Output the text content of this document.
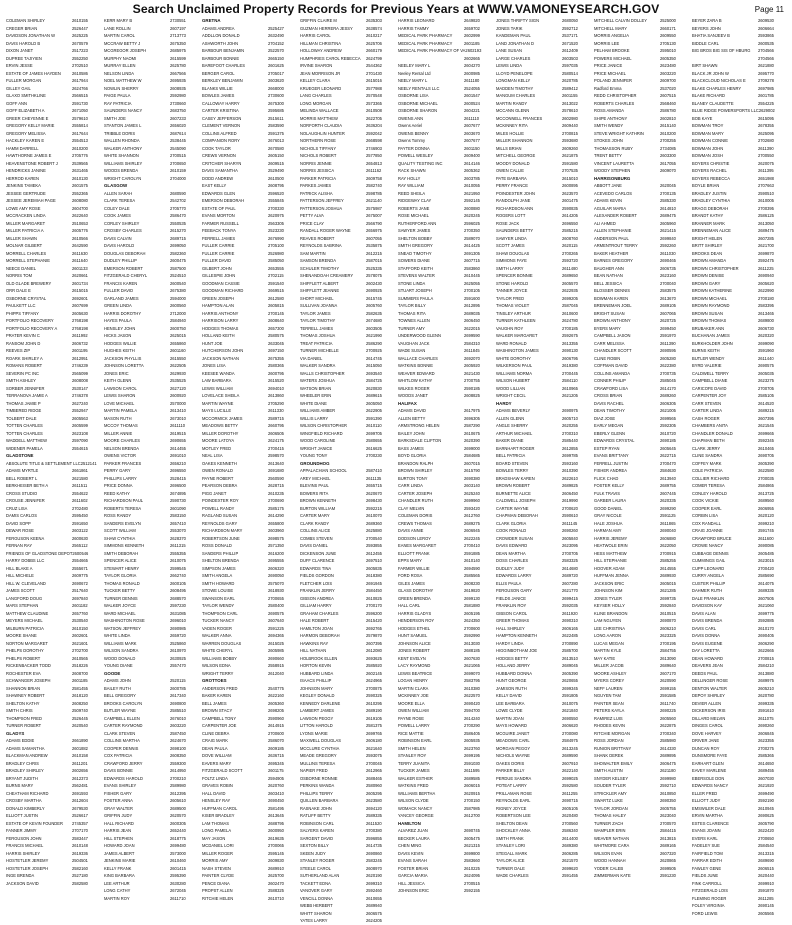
Search Unclaimed Property Records for Previous Years at WWW.VAMONEYSEARCH.GOV	Page 11
COLEMAN SHIRLEY	2610155
CREGER BRIAN	2526447
DAVIDSON JONATHAN W	2625225
DAVIS HAROLD B	2670579
DIXON JANET	2517223
DUPREE TAJIYIEN	2552250
ERVIN JESSE	2702510
ESTATE OF JAMES HAYDEN	2610586
FULLER MORGAN	2617944
GILLEY GAIL	2624766
GLAXO SMITHKLINE	2566515
GOFF ANN	2591730
GOFF ELIZABETH A	2671050
GREER CHEYENNE E	2579610
GREGORY KELLY MARIE	2555814
GREGORY MELISSA	2617644
HACKLEY KAREN E	2554513
HAMM DARRELL	2610200
HAWTHORNE JAMES E	2705776
HEAVENSTONE ROBERT J	2539565
HENDRICKS JANINE	2631465
HERROD KAREN	2610130
JENKINS TAMEKA	2601575
JESSEE GERTRUDE	2552365
JESSEE JEREMIAH PAGE	2608080
LOWE AMY ROSE	2604700
MCCRACKEN LINDA	2622640
MILLER MARGARET	2510653
MILLER PATRICIA A	2605776
MILLER SHAWN	2610566
MOLNAR GILBERT	2642590
MORRELL CHARLES	2611630
MORRELL STEPHANIE	2611640
NEECE DANIEL	2601133
NORRIS TOM	2620661
OLD GLADE BREWERY	2601734
ORR DALE E	2615015
OSBORNE CRYSTAL	2692601
PAULKETT LLC	2607699
PHIPPS TIFFANY	2605630
PORTFOLIO RECOVERY	2768198
PORTFOLIO RECOVERY A	2768198
PRATER KEVIN C	2611992
RANSOM JOHN D	2606732
REEVES ZIP	2601195
ROARK SHIRLEY A	2612951
ROMANS ROBERT	2746239
SEVERIN PC INC	2565099
SMITH ASHLEY	2608008
SORBER JENNIFER	2530147
TERRANOVA JAMIE A	2746378
THOMAS JAMIE P	2627240
TIMBERED RIDGE	2552947
TOLBERT DALE	2605563
TOTTEN CHARLES	2605599
TOTTEN CHARLES	2623108
WADDELL MATTHEW	2597090
WIDENER PAMELA	2554615
GLADSTONE
ABSOLUTE TITLE & SETTLEMENT LLC 2512141
ADAMS MYRTLE	2661861
BELL ROBERT L	2621580
BERKHEISER BETH A	2611511
CROSS STUDIO	2554622
CROUSE JENNIFER	2611602
CRUZ LISA	2702480
DAMIS CARLOS	2595450
DAVID SOPP	2591650
DEWAR ROSE	2603122
FERGUSON KEENA	2600630
FERNAN RAY	2565112
FRIENDS OF GLADSTONE DEPOT 2600546
HARRY DOBBS LLC	2554665
HILL BLAKE A	2555671
HILL MICHELE	2609775
HILL W. CLEVELAND	2690672
JAMES SCOTT	2517640
LANGFORD DOUG	2697840
MARS STEPHAN	2601182
MATTHEW CLAUDINE	2657760
MEYERS MICHAEL	2530540
MILBURN PATRICIA	2610150
MOORE SHANE	2602601
NORTON MARGARET	2621601
PHELPS DOROTHY	2702700
PHELPS ROBERT	2610565
RICKENBACKER TODD	2518226
ROCHESTER EVA	2608700
SCHWANGER JOSEPH	2601185
SHANNON BRIAN	2581455
SHAWNEY ROBERT	2618120
SHELTON KATHY	2608250
SMITH CHRIS	2509740
THOMPSON FRED	2526445
TURNER ROBERT	2620540
GLADYS
ADAMS EDDIE	2661890
ADAMS SAMANTHA	2601882
BLACKMAN ANDREW	2610158
BRADLEY CHRIS	2611201
BRADLEY SHIRLEY	2602656
BRYANT JUDITH	2612373
BURNS MARY	2562481
CHEATHAM RICHARD	2691593
CROSBY MARTHA	2612604
DONALD KIMBERLY	2679530
ELLIOTT JUSTIN	2526617
ESTATE OF KEVIN FOUNDER	2745357
FANNER JIMMY	2707170
FERGUSON JOHN	2583447
FRANCIS MICHAEL	2610148
HARRIS SHIRLEY	2619336
HOSTETLER JEREMY	2504501
HOSTETLER JOSEPH	2582160
INGE BRENDA	2527180
JACKSON DAVID	2582580
KERR MARY B	2730551
LANE ROLLIN	2607197
MARTIN CAROL	2713773
MCCRAW BETTY J	2675350
MCGREGOR JOSEPH	2685975
MURPHY NAOMI	2615599
MURRAY ELLEN	2625780
NELSON LINDA	2667566
NOEL MATTHEW W	2695935
NOWLIN SHERRY	2608935
PAIGE PAULA	2592980
RAY PATRICIA	2730660
SAUNDERS NANCY	2683750
SMITH JOE	2607233
STANTON JAMES L	2656020
TRIBBLE DORIS	2687614
WALLEN RHONDA	2538445
WALKER ANTHONY	2545090
WHITE SHANNON	2700515
WILLIAMS SHIRLEY	2700650
WOODS BRENDA	2610159
WRIGHT CAROLYN	2704000
GLASGOW
ALLEN SARAH	2680590
CLARK TERESA	2542702
COLEY DALE	2705770
COOK JAMES	2586470
CORLEY SHIRLEY	2550535
CROSBY CHARLES	2615270
DAVIS CALVIN	2689715
DAVIS HAROLD	2699050
DOUGLAS DEBORAH	2582360
DUDLEY PHILLIP	2600475
EMERSON ROBERT	2587500
FITZGERALD CHERYL	2524510
FRANCIS KAREN	2600540
FULLER DAVID	2675380
GARLAND JAMES	2594000
GREEN LINDA	2600560
HARRIS DOROTHY	2712000
HAYES PAULA	2584940
HENSLEY JOHN	2600750
HICKS JASON	2625015
HODGES WILLIE	2655860
HUGHES KEITH	2601160
JACKSON PHYLLIS	2615550
JOHNSON LORETTA	2622505
JONES ERIC	2629930
KEITH GLENN	2535525
LAWSON CAROL	2627120
LEWIS SHARON	2600920
LOVE MICHAEL	2570000
MARTIN PAMELA	2613410
MASON RUTH	2673010
MCCOY THOMAS	2611110
MILLER ANNIE	2619515
MOORE CHARLES	2690655
NELSON BRENDA	2614455
OWENS VICTOR	2691010
PARKER FRANCES	2656210
PERRY GARY	2696550
PHILLIPS LARRY	2528415
PRICE DONNA	2696500
REED KATHY	2674895
RICHARDSON PAUL	2590730
ROBERTS TERESA	2601090
ROSS RANDY	2583150
SANDERS EVELYN	2657410
SCOTT WILLIAM	2553070
SHAW CYNTHIA	2628370
SIMMONS KENNETH	2611315
SMITH DEBORAH	2555355
SPENCER ALICE	2610075
STEWART HENRY	2599545
TAYLOR GLORIA	2662740
THOMAS RONALD	2600105
TUCKER BETTY	2608495
TURNER DENNIS	2688570
WALKER JOYCE	2597230
WARD MICHAEL	2631085
WASHINGTON ROSE	2696010
WATSON JEFFREY	2690985
WHITE LINDA	2659720
WILLIAMS MARK	2525860
WILSON SANDRA	2610970
WOOD DONALD	2630925
YOUNG DIANE	2557470
GOODE
ADAMS JOHN	2520115
BAILEY RUTH	2600785
BELL GREGORY	2617340
BROOKS CAROLYN	2690800
BUTLER WAYNE	2585510
CAMPBELL ELLEN	2676010
CARTER RAYMOND	2603220
CLARK STEVEN	2587450
COLLINS MARTHA	2624670
COOPER DENNIS	2698100
COX PATRICIA	2608350
CRAWFORD JERRY	2559300
DAVIS BONNIE	2614950
EDWARDS HAROLD	2700210
EVANS SHIRLEY	2589980
FISHER GARY	2612395
FOSTER ANNA	2605610
GRAY WALTER	2689500
GRIFFIN JUDY	2620570
HALL RICHARD	2600305
HARRIS JEAN	2652440
HILL STEPHEN	2618775
HOWARD JOAN	2699480
JAMES ALBERT	2573000
JENKINS MARIE	2610460
KELLY FRANK	2601415
KING BARBARA	2595390
LEE ARTHUR	2630280
LONG CATHY	2672045
MARTIN ROY	2611710
GRETNA
ADAMS ANDREA	2525427
ADDLLON DONALD	2632490
ASHWORTH JOHN	2704152
BARBOUR BENJAMIN	2522570
BARBOUR BONNIE	2665150
BAREFOOT CHARLES	2601625
BERGER CAROL	2705017
BERKLEY BENJAMIN	2603620
BLANKS WILLIE	2668000
BOWLES JAMES	2730600
CALLOWAY HARRY	2675300
CARTER KRISTINA	2595685
CASEY JEFFERSON	2515611
CLEMENT VERNON	2583590
COLLINS ALFRED	2591375
COMPANION RORY	2676013
COOK TAYLOR	2670580
CREWS VERNON	2605150
CRITCHER SHARYN	2609515
DAVIS SAMANTHA	2529490
DODD ANDREW	2610500
EAST KELLY	2608795
EDWARDS GLEN	2596520
EMERSON DEBORAH	2555845
ESTATE OF PAUL	2700330
EVANS MORTON	2620975
FARMER RUSSELL	2563305
FEEBACK TONYA	2523230
FERRELL JAMES	2676990
FULLER CARRIE	2705100
FULLER CARRIE	2526980
FULLER DAVID	2585050
GILBERT JOHN	2653555
GILLESPIE JOHN	2702115
GOODMAN CASSIE	2591540
GOODMAN RICHARD	2669515
GREEN JOSEPH	2612580
HAMPTON ALAN	2605815
HARRIS ANTHONY	2700145
HARRISON LARRY	2608640
HODGES THOMAS	2657300
HOLLAND KEITH	2580575
HUNT JOE	2633045
HUTCHERSON JOHN	2697150
JACKSON NATHAN	2675355
JONES LISA	2580365
KEESEE WANDA	2600795
LAW BARBARA	2615520
LEWIS WILLIAM	2694010
LOVELACE SHEILA	2613860
MARTIN WAYNE	2705290
MAYS LUCILLE	2611330
MCCORMICK JAMES	2589715
MEADOWS BETTY	2660795
MILLER DOROTHY	2606505
MOORE LATOYA	2624175
MOTLEY FRED	2700415
NEAL LISA	2598570
OAKES KENNETH	2613640
OWEN RONALD	2691680
PAYNE ROBERT	2560590
PEARSON DEBRA	2628715
PIGG JANET	2610235
POINDEXTER ROY	2700690
POWELL RANDY	2585175
RAGLAND SUSAN	2614290
REYNOLDS GARY	2655800
RICHARDSON MARY	2603960
ROBERTSON JUNE	2698575
ROSS DONALD	2571350
SANDERS PHILLIP	2616200
SHELTON BRENDA	2695555
SIMPSON JAMES	2606320
SMITH ANGELA	2690050
SMITH HOWARD	2575070
STOWE LOUISE	2618930
SWANSON EARL	2700655
TAYLOR WENDY	2580400
THOMPSON CARL	2690575
TUCKER NANCY	2607640
VADEN ROGER	2591225
WALKER ANNA	2694365
WARREN DOUGLAS	2615025
WHITE CHERYL	2605985
WILLIAMS BOBBY	2690660
WILSON EDNA	2558915
WRIGHT TERRY	2612040
GROTTOES
ANDERSON FRED	2540775
BAKER KAREN	2622160
BELL JAMES	2605360
BROWN STACY	2698205
CAMPBELL TONY	2590960
CARPENTER JOE	2614915
CLINE DEBRA	2700600
CRAIG MARK	2586070
DEAN PAULA	2609185
DOVE WILLIAM	2636715
EAVERS MARY	2695345
FITZGERALD SCOTT	2601175
FOLTZ LINDA	2594905
GRAVES ROBIN	2620760
HALL DAVID	2603410
HENSLEY RAY	2690450
HUFFMAN CAROL	2581495
KISER BRADLEY	2613645
LAM THOMAS	2688795
LONG PAMELA	2600950
MAY JASON	2619635
MCDANIEL LORI	2700065
MILLER ROGER	2595145
MORRIS AMY	2609830
NASH STEVEN	2689910
PAINTER CLYDE	2625700
PENCE DIANA	2602470
PROPST ALLEN	2588325
RITCHIE HELEN	2610710
GRIFFIN CLAIRE M	2635303
GUZMAN HERRERA JESSY	2638574
HARRIS CAROL	2610217
HILLMAN CHRISTINA	2625706
HOLLOWAY ANDREW	2660179
HUMPHRIES CAROL REBECCA	2624799
IRVINE SHARON	2544362
JEAN MORRISON JR	2701430
KELLEY CLARA	2615016
KRUEGER LEONARD	2577988
LANG CHARLES	2570548
LONG MORGAN	2573365
MELINDA WALLACE	2610508
MORRIS MATTHEW	2622705
NORFORTH CLAUDIA	2636204
NOLAUGHLIN HUNTER	2592042
NORTHERN ROSE	2668598
NICHOLS TIFFANY	2746903
NICHOLS ROBERT	2577850
NORRIS JENNIE	2654813
NORRIS JESSICA	2611162
PARKER PATRICIA	2609758
PARKES JAMES	2582740
PATRICK ALISHA	2598785
PATTERSON JEFFREY	2621140
PATTERSON JOSHUA	2575987
PETTY ALVA	2675007
PRICE CLAY	2566790
RANDALL ROGER WAYNE	2656975
REAVES ROBERT	2607055
REYNOLDS SABRINA	2535875
SAM MARTIN	2612215
SAMSON BRENDA	2587015
SCHULER TIMOTHY	2525335
SHENANDOAH CREAMERY	2578075
SHIFFLETT ALBERT	2602430
SHIFFLETT JEANNE	2690925
SHORT MICHAEL	2615745
SULLIVAN JOANNA	2605760
TAYLOR JAMES	2582635
TAYLOR TIMOTHY	2674680
TERRELL JAMES	2603505
THOMAS JOSHUA	2621990
TREAT PATRICIA	2586290
TURNER MICHELLE	2700925
VIA DANIEL	2614745
WALKER SANDRA	2615050
WALLS CHRISTOPHER	2693540
WATERS JOSHUA	2584725
WATSON BRIAN	2620830
WHEELER ERIN	2689615
WHITE DIANE	2605050
WILLIAMS AMBER	2622905
WILLIS LARRY	2591390
WILSON CHRISTOPHER	2610110
WINGFIELD RICHARD	2699705
WOOD CAROLINE	2580655
WRIGHT JANICE	2616625
YOUNG TONY	2700230
GROUNDHOG
APPALACHIAN SCHOOL	2587410
AREY MICHAEL	2611135
BLEVINS PAUL	2655715
BOWERS RITA	2620670
BROWN KENNETH	2698430
BURTON WILLIAM	2592215
CARTER MARY	2610070
CLARK RANDY	2689360
COLLINS ALICE	2625880
COMBS STEVEN	2700540
DAVIS DANIEL	2593855
DICKENSON JUNE	2612455
DUFF CLARENCE	2697510
EDWARDS TINA	2605835
FIELDS GORDON	2618380
FLETCHER LOIS	2691945
FRANKLIN JERRY	2584450
GIBSON ANDREA	2610825
GILLIAM HARRY	2700170
GRAHAM CHARLES	2596200
HALE ROBERT	2615420
HAMILTON JOAN	2692765
HARMON DEBORAH	2579870
HAWKINS RAY	2607395
HILL NATHAN	2612080
HOLBROOK ELLEN	2693625
HORTON KEVIN	2585920
HUBBARD LINDA	2602145
ISAACS PHILLIP	2624965
JOHNSON MARY	2700875
KEGLEY DONALD	2590325
KENNEDY DARLENE	2610295
LAMBERT JAMES	2689190
LAWSON PEGGY	2619105
LITTON HAROLD	2581375
LYONS MARIE	2699765
MAXWELL DOUGLAS	2606180
MCCLURE CYNTHIA	2621640
MEADE GREGORY	2593075
MULLINS TERESA	2700045
NAPIER FRED	2612965
OSBORNE RONNIE	2688465
PERKINS WANDA	2580960
PHILLIPS TERRY	2605295
QUILLEN BARBARA	2623580
RASNAKE JOHN	2694120
RATLIFF BETTY	2589335
ROBINSON CARL	2611520
SALYERS KAREN	2700380
SARGENT DAVID	2596855
SEXTON BILLY	2614735
SKEEN JUDY	2690860
STANLEY ROGER	2583245
STEELE CAROL	2608970
SUTHERLAND ALAN	2620190
TACKETT EDNA	2699310
VANOVER GARY	2592460
VENCILL DONNA	2610655
WEBB HERBERT	2689940
WHITT SHARON	2606575
YATES LARRY	2624205
HARRIS LEONARD	2649820
HARRIS TAMMY	2659702
MEDICAL PARK PHARMACY	2602999
MEDICAL PARK PHARMACY	2601185
MEDICAL PARK PHARMACY OF VA 2602193
2602665
NEELEY MARY L	2604270
Neeley Rental Ltd	2600985
NEELY MARY L	2611180
NEELY RENTALS LLC	2524055
OSBORNE LISA	2601547
OSBORNE MICHAEL	2600524
OSBORNE SHARON	2604221
OWENS ANN	2611110
Owens Aeriel	2607677
OWENS BENNY	2603670
Owens Tommy	2607677
PAYTER DONNA	2601150
POWELL WESLEY	2609400
QUALITY TESTING INC	2614146
RACK SHAWN	2605362
RAY HOLLY	2603785
RAY WILLIAM	2610055
REED SHEILA	2621950
RIDGEWAY CLAY	2592145
ROBERTS JANE	2600880
ROSE MICHAEL	2620245
RUTHERFORD ANN	2596025
SAWYER JAMES	2700350
SHELTON BOBBY	2589070
SMITH GREGORY	2614425
SNEAD TIMOTHY	2691305
SOWERS DIANE	2607715
STAFFORD KEITH	2583860
STEVENS WALTER	2610445
STONE LINDA	2625055
STUART JOSEPH	2700105
SUMMERS PAULA	2591600
TAYLOR BILLY	2612895
THOMAS RITA	2689035
TOWNES ALLEN	2606450
TURNER AMY	2622015
UNDERWOOD GLENN	2699590
VAUGHAN JACK	2584310
WADE SUSAN	2611845
WALLACE CHARLES	2692070
WATKINS BONNIE	2605920
WEAVER EDWARD	2621430
WHITLOW KATHY	2700755
WILKES ROGER	2590185
WOODS JANET	2608825
HALIFAX
ADAMS DAVID	2617975
ALLEN BETTY	2696305
ARMSTRONG HELEN	2587290
BAILEY JOHN	2610675
BARKSDALE CLIFTON	2620390
BASS JAMES	2699000
BOYD GLORIA	2584685
BRANDON RALPH	2607015
BROWN SHIRLEY	2615790
BURTON TONY	2690380
CARR LINDA	2603140
CARTER JOSEPH	2625240
CHANDLER RUTH	2699960
CLAY MELVIN	2593420
COLEMAN DORIS	2612760
CREWS THOMAS	2689275
DAVIS ANNIE	2606945
DODSON LEROY	2622245
EANES MARGARET	2700410
ELLIOTT FRANK	2591885
EPPS MARY	2610140
FARMER WILLIE	2694590
FORD ROSA	2585565
GILES JAMES	2608230
GLASS DOROTHY	2619820
GREEN BRENDA	2699130
HALL CARL	2581880
HARRIS GLADYS	2605195
HENDERSON ROY	2624350
HODGES ETHEL	2700600
HUNT SAMUEL	2592990
JOHNSON ALICE	2613030
JONES ROBERT	2688185
KENT EVELYN	2607630
LACY RAYMOND	2621065
LEWIS BEATRICE	2699070
LOGAN HENRY	2583795
MARTIN CLARA	2610380
MCKINNEY JOE	2622570
MOORE ELLA	2690420
OWEN WILLIAM	2594700
PAYNE ROSE	2614240
POWELL LARRY	2700290
RICE MATTIE	2586405
ROBINSON EARL	2605935
SMITH HELEN	2623760
STANLEY ROY	2699195
TERRY JUANITA	2591030
TUCKER JAMES	2611595
WALKER ESTHER	2689585
WATKINS FRED	2606015
WILLIAMS BERTHA	2620915
WILSON CLYDE	2700150
WOMACK NANCY	2587985
YANCEY GEORGE	2612700
HAMILTON
ALVAREZ JUAN	2690745
BECKER LAURA	2605475
CHEN MING	2621315
DAVIS KEVIN	2699800
EVANS SARAH	2583660
FOSTER BRIAN	2610225
GARCIA MARIA	2624095
HILL JESSICA	2700515
JOHNSON ERIC	2592155
JONES THRIFTY SIGN	2680050
JONES TARIK	2592712
KANDEMAN PAUL	2537171
LAND JONATHAN D	2671520
LANE SUSAN	2612409
LARGE CHARLES	2603503
LEWIS LINDA	2597035
LLOYD PENELOPE	2580514
LONGMAN KELLY	2620785
MADDEN TIMOTHY	2589412
MANGUM CHARLES	2601155
MARTIN RANDY	2613022
MCCANN GLENN	2578610
MCCONNELL FRANCES	2602980
MCKINNEY RITA	2609440
MILES HOLLIE	2700815
MILLER SHANNON	2593680
MILLS BRIAN	2609260
MITCHELL GEORGE	2621875
MOODY DONALD	2591580
OWEN CALLIE	2707535
PATE BARBARA	2615010
PERRY FRANCE	2600895
POINDEXTER JOHN	2623570
RANDOLPH JANE	2601475
RICHARDSON ANN	2590835
ROGERS LOTT	2614205
ROSE JACK	2696550
SAUNDERS BETTY	2585215
SAWYER LINDA	2608760
SCOTT JAMES	2620115
SHAW DOUGLAS	2700265
SIMMONS FAYE	2593720
SMITH LARRY	2611480
SPENCER BONNIE	2689650
STONE HAROLD	2605570
TANNER JOYCE	2622935
TAYLOR FRED	2699205
THOMAS VIOLET	2587045
TINSLEY ARTHUR	2610600
TURNER KATHLEEN	2624780
VAUGHN ROY	2700185
WALKER MARGARET	2592675
WARD RONALD	2613355
WASHINGTON JAMES	2690130
WHITE DOROTHY	2606795
WILKERSON PAUL	2619380
WILLIAMS NORMA	2700445
WILSON HUBERT	2584110
WOOD LILLIAN	2610965
WRIGHT CECIL	2621205
HARDY
ADAMS BEVERLY	2690975
ALLEN GLENN	2605710
ANGLE SHERRY	2620255
ARTHUR MICHAEL	2700310
BAKER DIANE	2585440
BARNHART ROGER	2612855
BELL PATRICIA	2699785
BOARD STEVEN	2593160
BOWLES TERRY	2610390
BRADSHAW KAREN	2622610
BROWN ROBERT	2689825
BURNETTE ALICE	2606450
CALDWELL JOSEPH	2619990
CARTER WAYNE	2700620
CHAPMAN DEBORAH	2590610
CLARK GLORIA	2611145
COOK RONALD	2690260
CROWDER SUSAN	2605840
DAVIS EDWARD	2623095
DEAN MARTHA	2700705
DOSS CHARLES	2583325
DUDLEY JUDY	2614680
EDWARDS LARRY	2689720
ELLIS PAULA	2607280
FERGUSON GARY	2621770
FIELDS JANICE	2699415
FRANKLIN ROY	2592035
GIBSON CAROL	2611920
GREER THOMAS	2690310
HALL SHIRLEY	2606165
HAMPTON KENNETH	2622485
HARDY LINDA	2700890
HIGGINBOTHAM JOE	2585700
HODGES BETTY	2613510
HOLLAND JERRY	2689045
HUBBARD DONNA	2605390
HUNT GEORGE	2620655
JAMISON RUTH	2699345
KELLY DAVID	2591805
LEE BARBARA	2610075
LOWE CLYDE	2621840
MARTIN JOAN	2690550
MAYS HOWARD	2606620
MCGUIRE JANET	2700080
MEADOWS CARL	2584975
MORGAN PEGGY	2613245
NICHOLS WAYNE	2689590
OAKES DORIS	2607910
PARKER BILLY	2622140
PERDUE SANDRA	2699025
POTEAT LARRY	2592580
PRILLAMAN ROSE	2611255
REYNOLDS EARL	2690715
RIGNEY JOYCE	2605105
ROBERTSON LEE	2620480
SHELTON DEAN	2700560
SHOCKLEY ANNA	2586340
SMITH FRANK	2614400
STANLEY LORI	2689380
STEGALL MARK	2606285
TAYLOR ALICE	2621570
TURNER DALE	2699620
WADE CHARLES	2591455
MITCHELL CALVIN DOLLEY	2525000
MITCHELL MARY	2660171
MORRIS ANGELIA	2609550
MORRIS LEE	2705130
PELHAM BROOKE	2595010
POWERS MICHAEL	2605350
PRICE JANICE	2623480
PRICE MICHAEL	2603220
POLAND JENNIFER	2609700
Radford Emma	2537020
REDD CHRISTOPHER	2607515
ROBERTS CHARLES	2568460
ROSS AMANDA	2586780
SHIPE ANTHONY	2602810
SMITH WENDY	2615140
STEVE WRIGHT KATHRIN	2610200
STOKES JOHN	2700255
THOMASSON RUBY	2734085
TRENT BETTY	2603300
VINCENT LAURETTA	2617055
WOODY STEPHEN	2609070
HARRISONBURG
ABBOTT JANE	2620045
ACEVEDO CARLOS	2700135
ADAMS KEVIN	2585330
AGUILAR MARIA	2614810
ALEXANDER ROBERT	2689475
ALI AHMED	2605960
ALLEN STEPHANIE	2621415
ANDERSON PAUL	2699840
ARMENTROUT TERRY	2592260
BAKER HEATHER	2611030
BARNES GREGORY	2690465
BAUGHER ANN	2606735
BEAN NATHAN	2623160
BELL JESSICA	2700040
BLOSSER DENNIS	2583575
BOWMAN KAREN	2613670
BRENNEMAN JOEL	2689105
BRIGHT SUSAN	2607065
BROWN ANTHONY	2620725
BYERS MARY	2699450
CAMPBELL JASON	2591970
CARR MELISSA	2611390
CHANDLER SCOTT	2690595
CLINE ROBIN	2605280
COFFMAN DAVID	2622380
COLLINS AMANDA	2700735
CONNER PHILIP	2585045
CRAWFORD LISA	2614170
CROSS BRIAN	2689260
DAVIS RACHEL	2606305
DEAN TIMOTHY	2621005
DIAZ JOSE	2699565
EARLY MEGAN	2592305
EBERLY GLENN	2610720
EDWARDS CRYSTAL	2690185
ESTEP RYAN	2605645
EVANS BRITTANY	2622715
FERRELL JUSTIN	2700470
FISHER ANDREA	2584630
FLICK CHAD	2613940
FOSTER KELLY	2689755
FULK TRAVIS	2607445
GARBER LAURA	2620335
GOOD DANIEL	2699290
GRAY NICOLE	2591125
HALE JOSHUA	2611865
HARMAN AMY	2690040
HARRIS JEREMY	2606880
HEATWOLE ERIN	2622050
HESS MATTHEW	2700915
HILL STEPHANIE	2585255
HOOVER ADAM	2614555
HUFFMAN JENNA	2689930
JACKSON ERIC	2605015
JOHNSON KIM	2621285
JONES TYLER	2699735
KEYSER HOLLY	2592840
KLINE BRANDON	2610515
LAM NGUYEN	2690870
LEE CHRISTINA	2606210
LONG AARON	2623325
LUCAS MEGAN	2700195
MARTIN KYLE	2584755
MAY KATIE	2613090
MILLER JACOB	2689640
MOORE ASHLEY	2607170
MYERS COREY	2620590
NEFF LAUREN	2699155
NGUYEN TAM	2591585
PAINTER SEAN	2611740
PETERS KAYLA	2690225
RAMIREZ LUIS	2605560
RHODES KEVIN	2622875
RITCHIE MORGAN	2700340
ROSS JORDAN	2585980
RUNION BRITTANY	2614330
SHANK DEREK	2689895
SHOWALTER EMILY	2606475
SMITH AUSTIN	2621180
SNYDER KELSEY	2699980
SOUDER TYLER	2592710
STRICKLER AMY	2610850
SWARTZ LUKE	2690350
TAYLOR JORDAN	2605755
THOMAS HALEY	2623040
TURNER ZACH	2700570
WAMPLER ERIN	2584415
WEAVER NATHAN	2613815
WHITMORE CARA	2689165
WILSON EVAN	2607320
WOOD HANNAH	2620865
YODER CALEB	2699505
ZIMMERMAN KATE	2591230
BEYER ZARA B	2609530
BEYERS JOHN	2606664
BHATIA SANJEEV B	2593865
BIDDLE CARL	2600535
BIG BROS BIG SIS OF HBURG	2704566
2704566
BIRT SHAWN	2621880
BLACK JR JOHN W	2695770
BLACKCLOUD NICHOLAS E	2709278
BLAKE CHARLES HENRY	2697985
BLAKE RICHARD	2601785
BLANEY CLAUDETTE	2554225
BLUE RIDGE POWERSPORTS LLC 2629002
BOB KAYE	2615095
BOWMAN TROY	2678355
BOWMAN MARY	2625095
BOWMAN CONNIE	2702680
BOWMAN JOHN	2611390
BOWMAN JOSH	2700550
BOYERS CHRISTIE	2620075
BOYERS RACHEL	2611395
BOYERS REBECCA	2651988
BOYLE BRIAN	2707663
BRADLEY JUSTIN	2590510
BRADLEY CYNTHIA	2610005
BRAGG DEBORAH	2700395
BRANDT KATHY	2586125
BRANNER MARK	2613050
BRENNEMAN ALICE	2689475
BRIGHT HELEN	2607285
BRITT SHIRLEY	2621700
BROOKS DEAN	2699870
BROWN AMANDA	2592475
BROWN CHRISTOPHER	2611225
BROWN DENISE	2690940
BROWN GARY	2605620
BROWN KATHERINE	2622990
BROWN MICHAEL	2700180
BROWN RAYMOND	2583395
BROWN SUSAN	2613465
BROWN THOMAS	2689800
BRUBAKER ANN	2606730
BUCHANAN JAMES	2620320
BURKHOLDER JOHN	2699090
BURNS KEITH	2591960
BUTLER WENDY	2611440
BYRD VALERIE	2690575
CALDWELL TERRY	2605035
CAMPBELL DIANE	2623275
CARICOFE DAVID	2700705
CARPENTER JOY	2585105
CARR STEVEN	2614520
CARTER LINDA	2689215
CASH ROGER	2607395
CHAMBERS ANITA	2621545
CHANDLER DONALD	2699665
CHAPMAN BETH	2592345
CLARK JERRY	2610465
CLINE SANDRA	2690705
COFFEY MARK	2605390
COLE PATRICIA	2622580
COLLIER RICHARD	2700035
COMER TERESA	2584865
CONLEY HAROLD	2613725
COOK VICKIE	2689560
COOPER EARL	2606955
CORBIN LISA	2620120
COX RANDALL	2699210
CRAIG JOANNE	2591745
CRAWFORD BRUCE	2611600
CROWE NANCY	2690085
CUBBAGE DENNIS	2605485
CUMMINGS GAIL	2623015
CUPP LEONARD	2700420
CURRY ANGELA	2585690
CUSTER PHILLIP	2614075
DAHMER RUTH	2689335
DALE FRANKLIN	2607505
DAVIDSON KAY	2621060
DAVIS ALAN	2699775
DAVIS BRENDA	2592885
DAVIS CARL	2610170
DAVIS DONNA	2690405
DAVIS EUGENE	2606290
DAY LORETTA	2622665
DEAN HOWARD	2700815
DEAVERS JEAN	2584210
DEEDS PAUL	2613880
DELLINGER ROSE	2689975
DENTON WALTER	2605210
DEPOY SHIRLEY	2620780
DEVIER ALLEN	2699335
DICKERSON IRIS	2591610
DILLARD MELVIN	2611075
DINGES CAROL	2690260
DOVE HARVEY	2606845
DRIVER JANE	2623355
DUNCAN ROY	2700275
DUNSMORE FAYE	2585365
EARHART GLEN	2614650
EAVEY MARLENE	2689455
EBERSOLE DON	2607030
EDWARDS NANCY	2621920
ELLER FRED	2699490
ELLIOTT JUDY	2592190
EMSWILER DALE	2610945
ERVIN MARTHA	2690625
ESTES CLARENCE	2605790
EVANS JOANN	2622420
EVERS KARL	2700650
FADELEY SUE	2584540
FAIRFIELD TOM	2613315
FARRAR EDITH	2689690
FAWLEY GENE	2606515
FIELDS JUNE	2620440
FINK CARROLL	2699910
FITZGERALD LOIS	2591870
FLEMING ROGER	2611285
FOLEY VIRGINIA	2690145
FORD LEWIS	2605565
